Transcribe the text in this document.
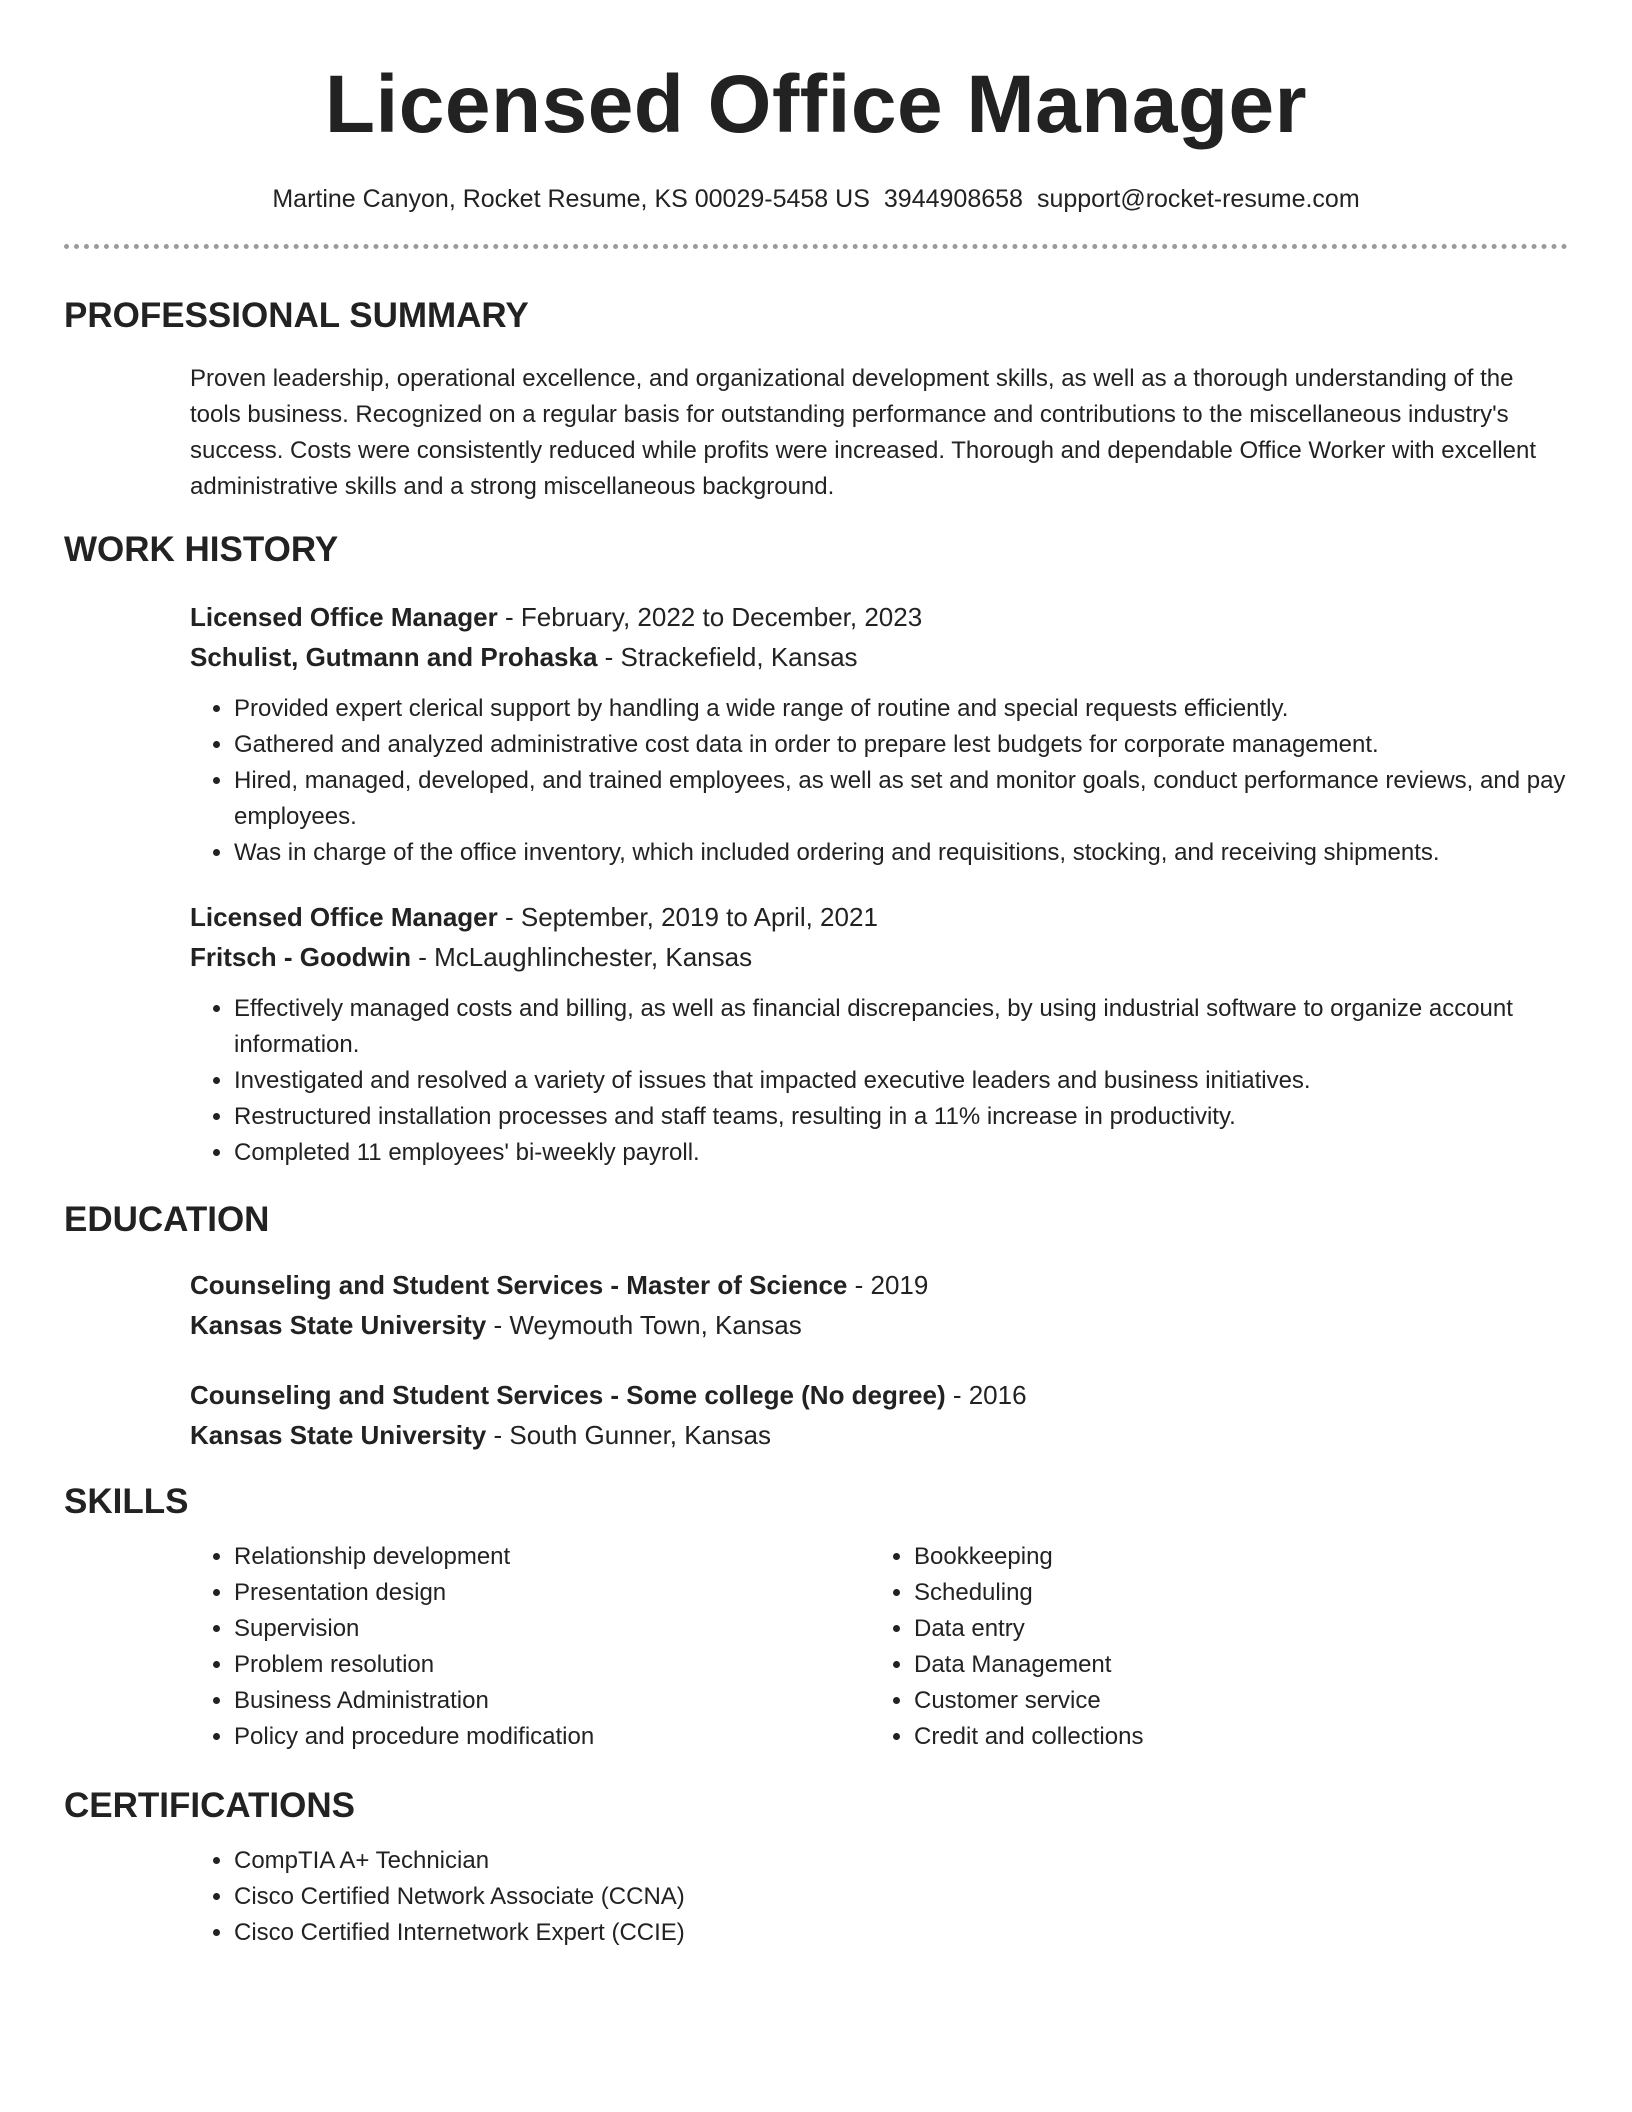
Licensed Office Manager
Martine Canyon, Rocket Resume, KS 00029-5458 US 3944908658 support@rocket-resume.com
PROFESSIONAL SUMMARY
Proven leadership, operational excellence, and organizational development skills, as well as a thorough understanding of the tools business. Recognized on a regular basis for outstanding performance and contributions to the miscellaneous industry's success. Costs were consistently reduced while profits were increased. Thorough and dependable Office Worker with excellent administrative skills and a strong miscellaneous background.
WORK HISTORY
Licensed Office Manager - February, 2022 to December, 2023
Schulist, Gutmann and Prohaska - Strackefield, Kansas
• Provided expert clerical support by handling a wide range of routine and special requests efficiently.
• Gathered and analyzed administrative cost data in order to prepare lest budgets for corporate management.
• Hired, managed, developed, and trained employees, as well as set and monitor goals, conduct performance reviews, and pay employees.
• Was in charge of the office inventory, which included ordering and requisitions, stocking, and receiving shipments.
Licensed Office Manager - September, 2019 to April, 2021
Fritsch - Goodwin - McLaughlinchester, Kansas
• Effectively managed costs and billing, as well as financial discrepancies, by using industrial software to organize account information.
• Investigated and resolved a variety of issues that impacted executive leaders and business initiatives.
• Restructured installation processes and staff teams, resulting in a 11% increase in productivity.
• Completed 11 employees' bi-weekly payroll.
EDUCATION
Counseling and Student Services - Master of Science - 2019
Kansas State University - Weymouth Town, Kansas
Counseling and Student Services - Some college (No degree) - 2016
Kansas State University - South Gunner, Kansas
SKILLS
• Relationship development
• Presentation design
• Supervision
• Problem resolution
• Business Administration
• Policy and procedure modification
• Bookkeeping
• Scheduling
• Data entry
• Data Management
• Customer service
• Credit and collections
CERTIFICATIONS
• CompTIA A+ Technician
• Cisco Certified Network Associate (CCNA)
• Cisco Certified Internetwork Expert (CCIE)
